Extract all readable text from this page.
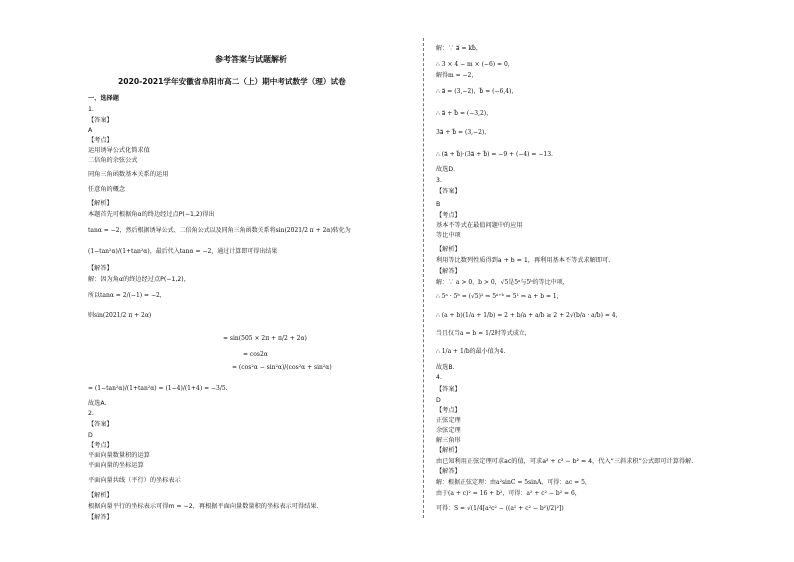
参考答案与试题解析
2020-2021学年安徽省阜阳市高二（上）期中考试数学（理）试卷
一、选择题
1.
【答案】
A
【考点】
运用诱导公式化简求值
二倍角的余弦公式
同角三角函数基本关系的运用
任意角的概念
【解析】
本题首先可根据角α的终边经过点P(−1,2)得出
tanα = −2，然后根据诱导公式、二倍角公式以及同角三角函数关系将sin(2021/2 π + 2α)转化为
(1−tan²α)/(1+tan²α)，最后代入tanα = −2，通过计算即可得出结果
【解答】
解：因为角α的终边经过点P(−1,2)，
所以tanα = 2/(−1) = −2，
则sin(2021/2 π + 2α)
= sin(505 × 2π + π/2 + 2α)
= cos2α
= (cos²α − sin²α)/(cos²α + sin²α)
= (1−tan²α)/(1+tan²α) = (1−4)/(1+4) = −3/5.
故选A.
2.
【答案】
D
【考点】
平面向量数量积的运算
平面向量的坐标运算
平面向量共线（平行）的坐标表示
【解析】
根据向量平行的坐标表示可得m = −2，再根据平面向量数量积的坐标表示可得结果.
【解答】
解：∵ a⃗ = kb⃗，
∴ 3 × 4 − m × (−6) = 0，
解得m = −2，
∴ a⃗ = (3,−2)，b⃗ = (−6,4)，
∴ a⃗ + b⃗ = (−3,2)，
3a⃗ + b⃗ = (3,−2)，
∴ (a⃗ + b⃗)·(3a⃗ + b⃗) = −9 + (−4) = −13.
故选D.
3.
【答案】
B
【考点】
基本不等式在最值问题中的应用
等比中项
【解析】
利用等比数列性质得到a + b = 1，再利用基本不等式求解即可.
【解答】
解：∵ a > 0，b > 0，√5是5ᵃ与5ᵇ的等比中项，
∴ 5ᵃ · 5ᵇ = (√5)² ⇒ 5ᵃ⁺ᵇ = 5¹ ⇒ a + b = 1，
∴ (a + b)(1/a + 1/b) = 2 + b/a + a/b ≥ 2 + 2√(b/a · a/b) = 4，
当且仅当a = b = 1/2时等式成立，
∴ 1/a + 1/b的最小值为4.
故选B.
4.
【答案】
D
【考点】
正弦定理
余弦定理
解三角形
【解析】
由已知利用正弦定理可求ac的值，可求a² + c² − b² = 4，代入“三斜求积”公式即可计算得解.
【解答】
解：根据正弦定理：由a²sinC = 5sinA，可得：ac = 5，
由于(a + c)² = 16 + b²，可得：a² + c² − b² = 6，
可得：S = √(1/4[a²c² − ((a² + c² − b²)/2)²])
